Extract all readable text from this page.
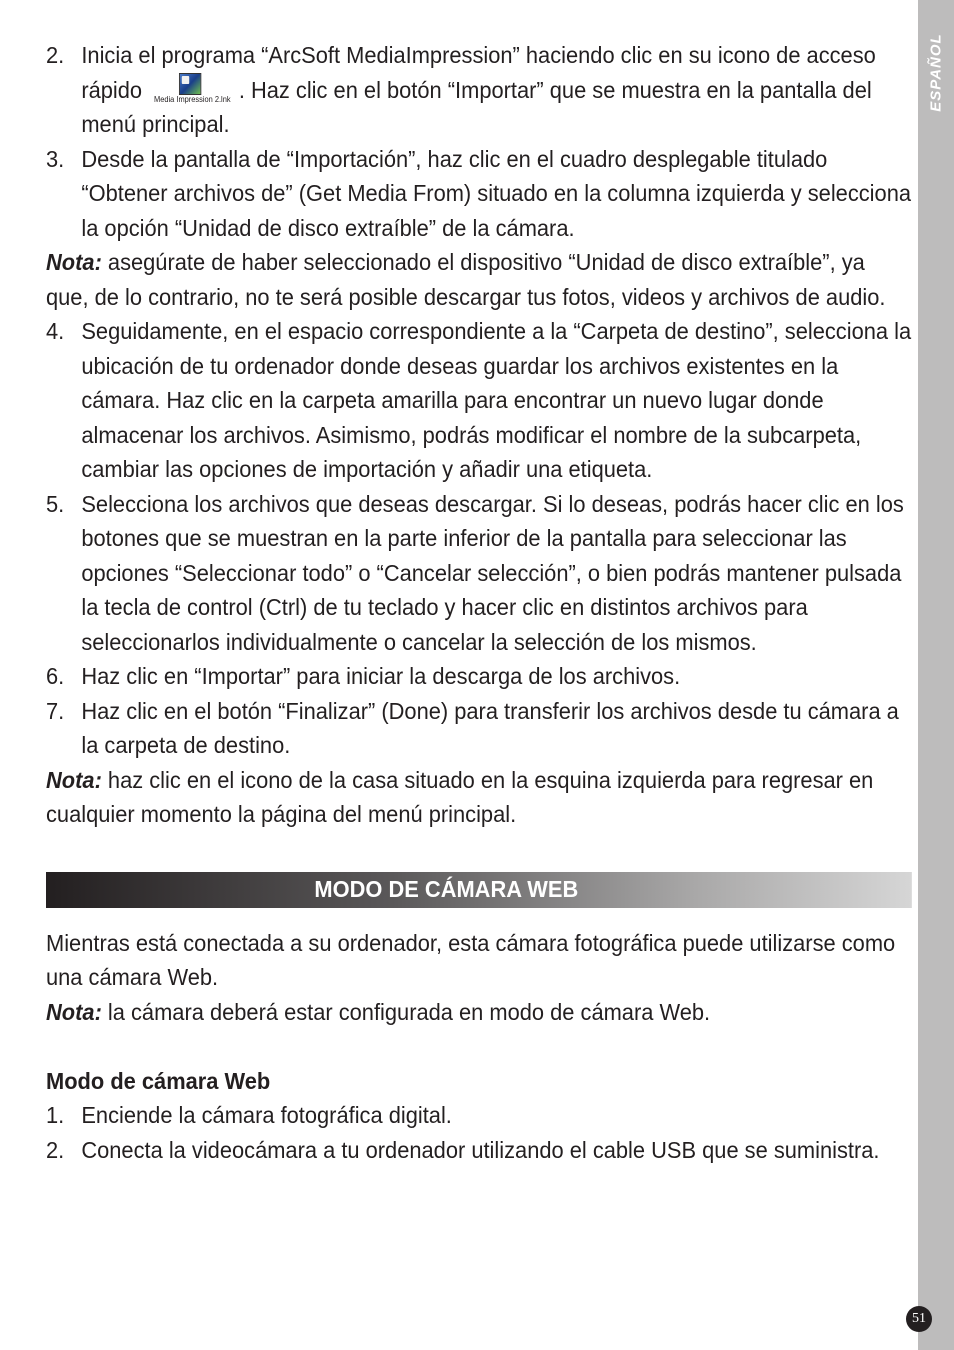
ESPAÑOL
2. Inicia el programa “ArcSoft MediaImpression” haciendo clic en su icono de acceso rápido	Media Impression 2.lnk . Haz clic en el botón “Importar” que se muestra en la pantalla del menú principal.
3. Desde la pantalla de “Importación”, haz clic en el cuadro desplegable titulado “Obtener archivos de” (Get Media From) situado en la columna izquierda y selecciona la opción “Unidad de disco extraíble” de la cámara.
Nota: asegúrate de haber seleccionado el dispositivo “Unidad de disco extraíble”, ya que, de lo contrario, no te será posible descargar tus fotos, videos y archivos de audio.
4. Seguidamente, en el espacio correspondiente a la “Carpeta de destino”, selecciona la ubicación de tu ordenador donde deseas guardar los archivos existentes en la cámara. Haz clic en la carpeta amarilla para encontrar un nuevo lugar donde almacenar los archivos. Asimismo, podrás modificar el nombre de la subcarpeta, cambiar las opciones de importación y añadir una etiqueta.
5. Selecciona los archivos que deseas descargar. Si lo deseas, podrás hacer clic en los botones que se muestran en la parte inferior de la pantalla para seleccionar las opciones “Seleccionar todo” o “Cancelar selección”, o bien podrás mantener pulsada la tecla de control (Ctrl) de tu teclado y hacer clic en distintos archivos para seleccionarlos individualmente o cancelar la selección de los mismos.
6. Haz clic en “Importar” para iniciar la descarga de los archivos.
7. Haz clic en el botón “Finalizar” (Done) para transferir los archivos desde tu cámara a la carpeta de destino.
Nota: haz clic en el icono de la casa situado en la esquina izquierda para regresar en cualquier momento la página del menú principal.
MODO DE CÁMARA WEB
Mientras está conectada a su ordenador, esta cámara fotográfica puede utilizarse como una cámara Web.
Nota: la cámara deberá estar configurada en modo de cámara Web.
Modo de cámara Web
1. Enciende la cámara fotográfica digital.
2. Conecta la videocámara a tu ordenador utilizando el cable USB que se suministra.
51
